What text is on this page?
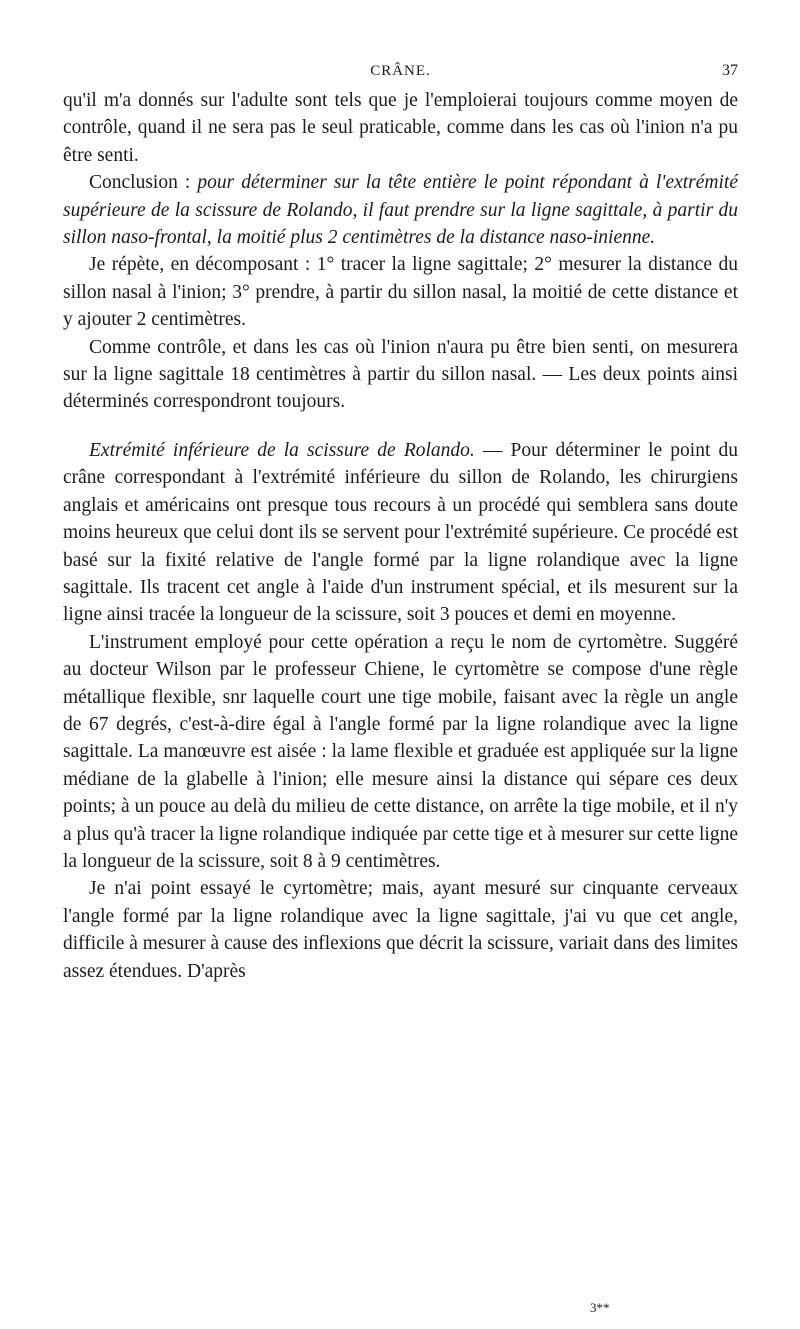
CRÂNE.	37

qu'il m'a donnés sur l'adulte sont tels que je l'emploierai toujours comme moyen de contrôle, quand il ne sera pas le seul praticable, comme dans les cas où l'inion n'a pu être senti.

Conclusion : pour déterminer sur la tête entière le point répondant à l'extrémité supérieure de la scissure de Rolando, il faut prendre sur la ligne sagittale, à partir du sillon naso-frontal, la moitié plus 2 centimètres de la distance naso-inienne.

Je répète, en décomposant : 1° tracer la ligne sagittale; 2° mesurer la distance du sillon nasal à l'inion; 3° prendre, à partir du sillon nasal, la moitié de cette distance et y ajouter 2 centimètres.

Comme contrôle, et dans les cas où l'inion n'aura pu être bien senti, on mesurera sur la ligne sagittale 18 centimètres à partir du sillon nasal. — Les deux points ainsi déterminés correspondront toujours.

Extrémité inférieure de la scissure de Rolando. — Pour déterminer le point du crâne correspondant à l'extrémité inférieure du sillon de Rolando, les chirurgiens anglais et américains ont presque tous recours à un procédé qui semblera sans doute moins heureux que celui dont ils se servent pour l'extrémité supérieure. Ce procédé est basé sur la fixité relative de l'angle formé par la ligne rolandique avec la ligne sagittale. Ils tracent cet angle à l'aide d'un instrument spécial, et ils mesurent sur la ligne ainsi tracée la longueur de la scissure, soit 3 pouces et demi en moyenne.

L'instrument employé pour cette opération a reçu le nom de cyrtomètre. Suggéré au docteur Wilson par le professeur Chiene, le cyrtomètre se compose d'une règle métallique flexible, snr laquelle court une tige mobile, faisant avec la règle un angle de 67 degrés, c'est-à-dire égal à l'angle formé par la ligne rolandique avec la ligne sagittale. La manœuvre est aisée : la lame flexible et graduée est appliquée sur la ligne médiane de la glabelle à l'inion; elle mesure ainsi la distance qui sépare ces deux points; à un pouce au delà du milieu de cette distance, on arrête la tige mobile, et il n'y a plus qu'à tracer la ligne rolandique indiquée par cette tige et à mesurer sur cette ligne la longueur de la scissure, soit 8 à 9 centimètres.

Je n'ai point essayé le cyrtomètre; mais, ayant mesuré sur cinquante cerveaux l'angle formé par la ligne rolandique avec la ligne sagittale, j'ai vu que cet angle, difficile à mesurer à cause des inflexions que décrit la scissure, variait dans des limites assez étendues. D'après

3**
